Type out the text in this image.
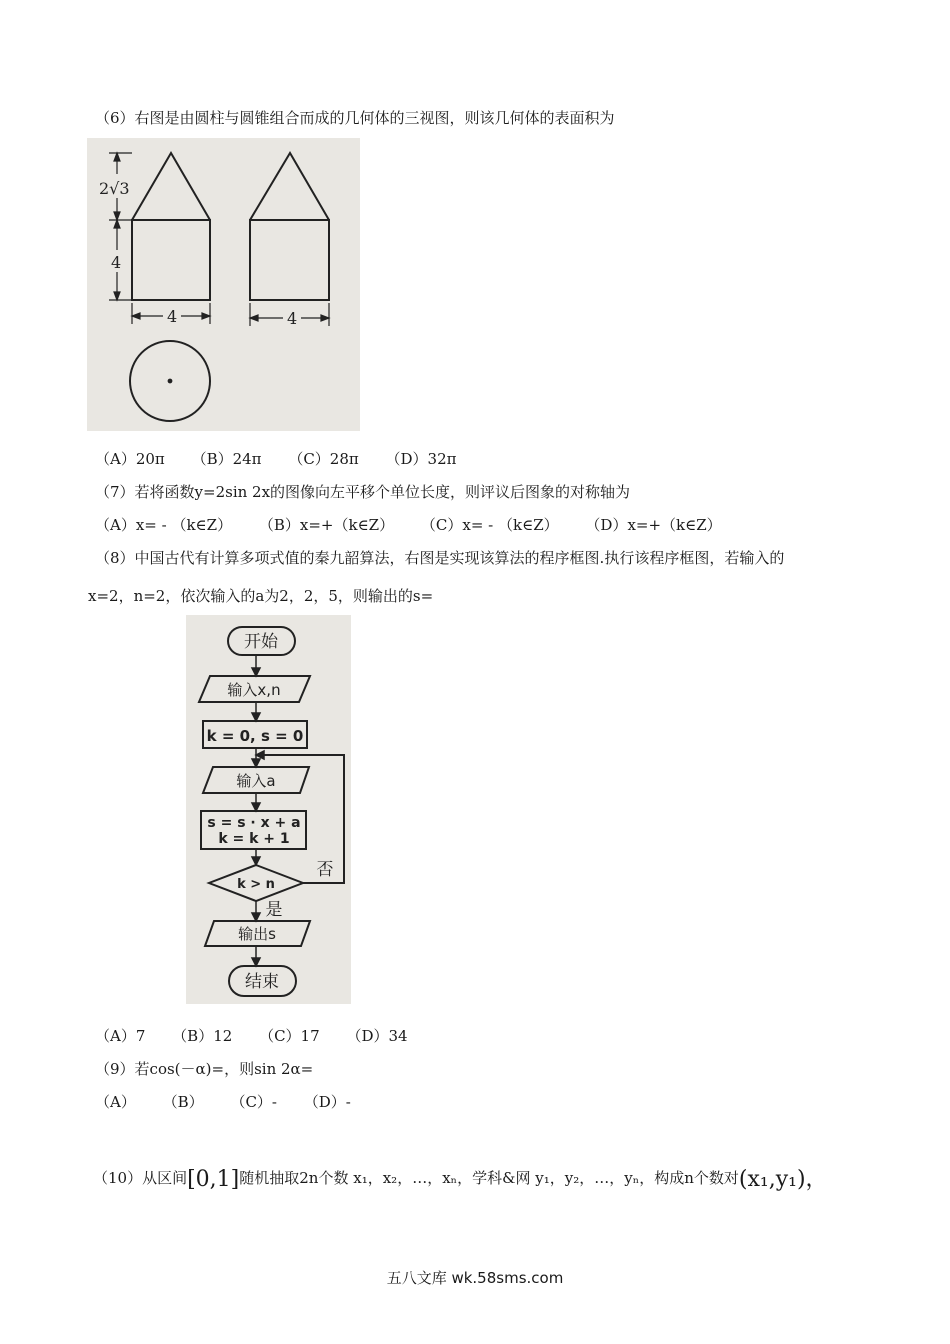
（6）右图是由圆柱与圆锥组合而成的几何体的三视图，则该几何体的表面积为
2√3
4
4	4
（A）20π （B）24π （C）28π （D）32π
（7）若将函数y=2sin 2x的图像向左平移个单位长度，则评议后图象的对称轴为
（A）x= - （k∈Z） （B）x=+（k∈Z） （C）x= - （k∈Z） （D）x=+（k∈Z）
（8）中国古代有计算多项式值的秦九韶算法，右图是实现该算法的程序框图.执行该程序框图，若输入的
x=2，n=2，依次输入的a为2，2，5，则输出的s=
开始
输入x,n
k = 0, s = 0
输入a
s = s · x + a
k = k + 1
k > n
否
是
输出s
结束
（A）7 （B）12 （C）17 （D）34
（9）若cos(－α)=，则sin 2α=
（A） （B） （C）- （D）-
（10）从区间[0,1]随机抽取2n个数 x₁，x₂，…，xₙ，学科&网 y₁，y₂，…，yₙ，构成n个数对(x₁,y₁)，
五八文库 wk.58sms.com
